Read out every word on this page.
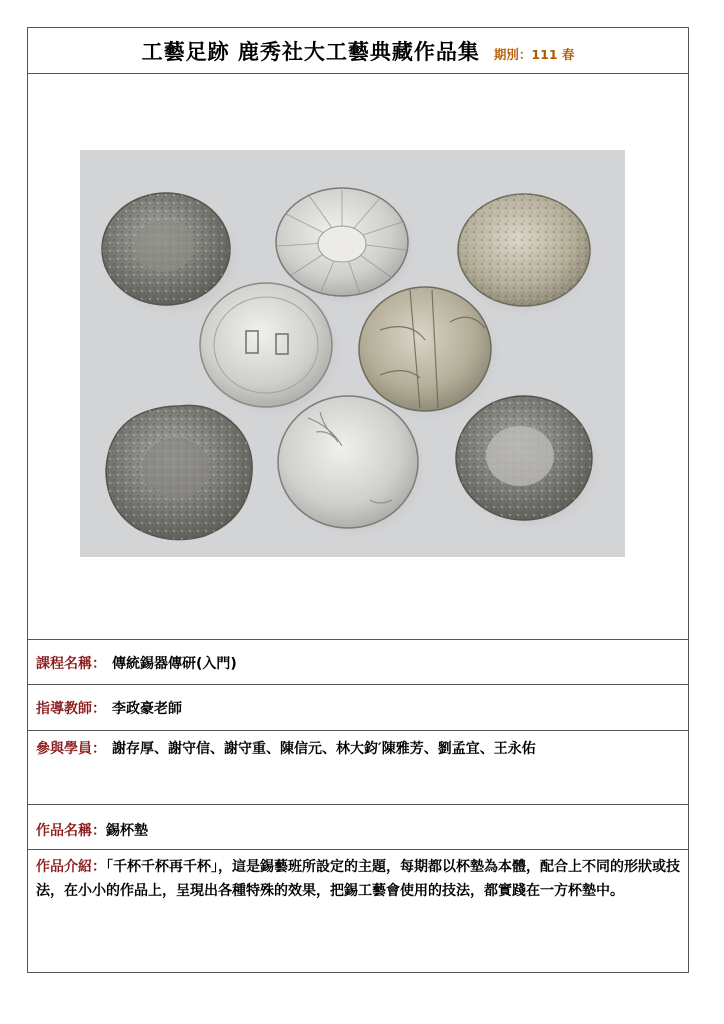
工藝足跡 鹿秀社大工藝典藏作品集 期別：111 春
課程名稱： 傳統錫器傳研(入門)
指導教師： 李政豪老師
參與學員： 謝存厚、謝守信、謝守重、陳信元、林大鈞′陳雅芳、劉孟宜、王永佑
作品名稱：錫杯墊
作品介紹：「千杯千杯再千杯」，這是錫藝班所設定的主題，每期都以杯墊為本體，配合上不同的形狀或技法，在小小的作品上，呈現出各種特殊的效果，把錫工藝會使用的技法，都實踐在一方杯墊中。
